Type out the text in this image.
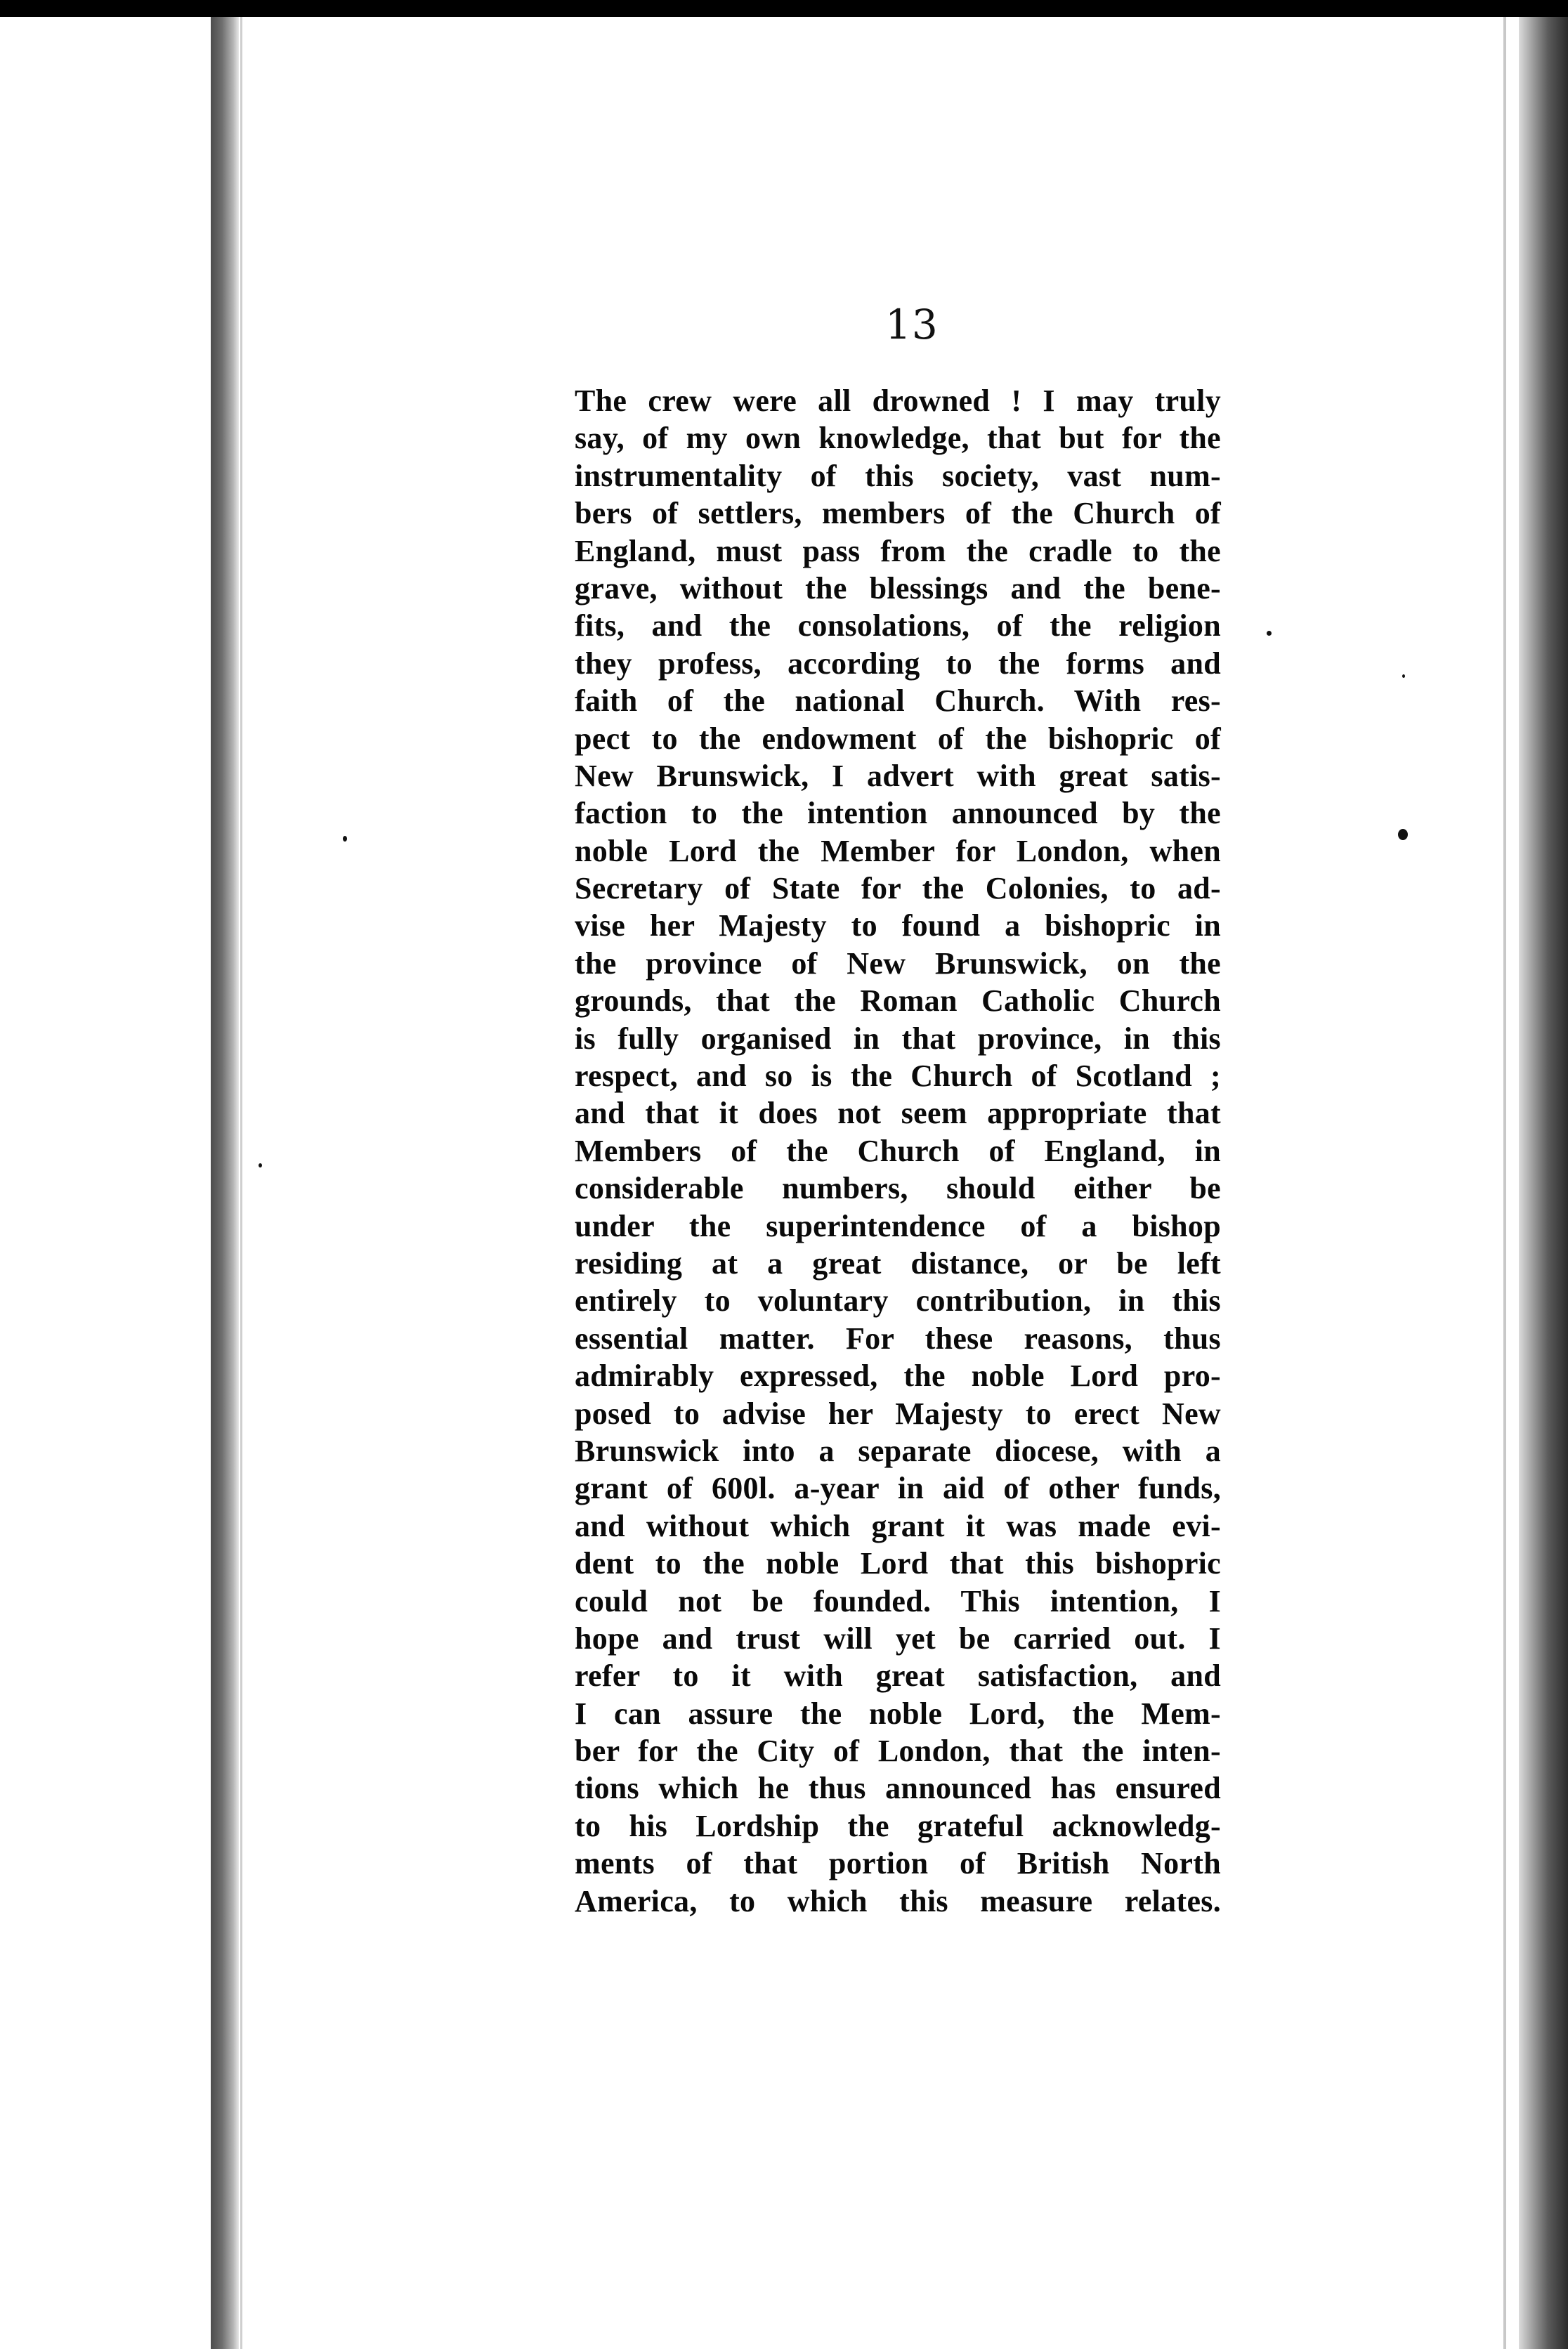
13
The crew were all drowned ! I may truly
say, of my own knowledge, that but for the
instrumentality of this society, vast num-
bers of settlers, members of the Church of
England, must pass from the cradle to the
grave, without the blessings and the bene-
fits, and the consolations, of the religion
they profess, according to the forms and
faith of the national Church. With res-
pect to the endowment of the bishopric of
New Brunswick, I advert with great satis-
faction to the intention announced by the
noble Lord the Member for London, when
Secretary of State for the Colonies, to ad-
vise her Majesty to found a bishopric in
the province of New Brunswick, on the
grounds, that the Roman Catholic Church
is fully organised in that province, in this
respect, and so is the Church of Scotland ;
and that it does not seem appropriate that
Members of the Church of England, in
considerable numbers, should either be
under the superintendence of a bishop
residing at a great distance, or be left
entirely to voluntary contribution, in this
essential matter. For these reasons, thus
admirably expressed, the noble Lord pro-
posed to advise her Majesty to erect New
Brunswick into a separate diocese, with a
grant of 600l. a-year in aid of other funds,
and without which grant it was made evi-
dent to the noble Lord that this bishopric
could not be founded. This intention, I
hope and trust will yet be carried out. I
refer to it with great satisfaction, and
I can assure the noble Lord, the Mem-
ber for the City of London, that the inten-
tions which he thus announced has ensured
to his Lordship the grateful acknowledg-
ments of that portion of British North
America, to which this measure relates.
